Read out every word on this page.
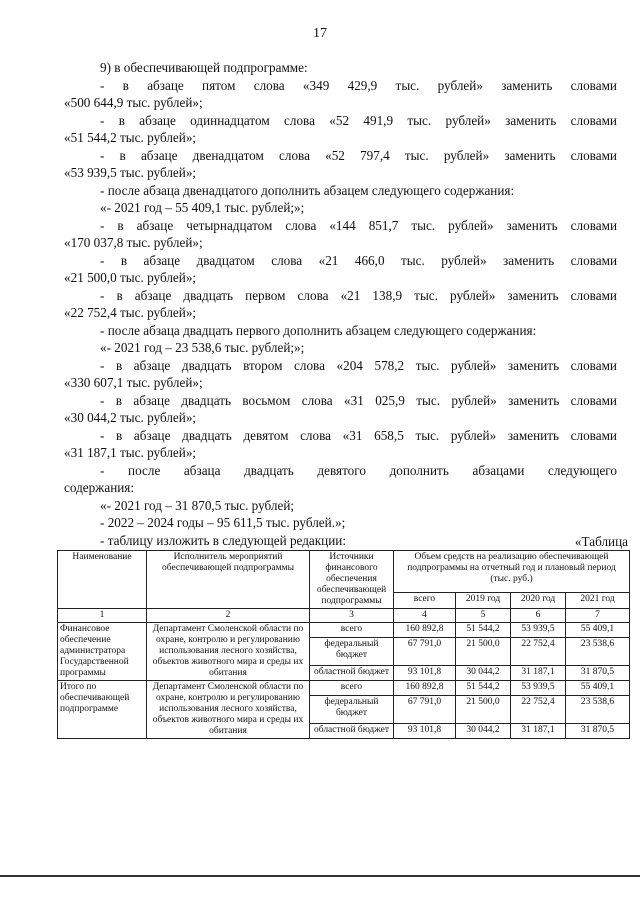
17
9) в обеспечивающей подпрограмме:
- в абзаце пятом слова «349 429,9 тыс. рублей» заменить словами
«500 644,9 тыс. рублей»;
- в абзаце одиннадцатом слова «52 491,9 тыс. рублей» заменить словами
«51 544,2 тыс. рублей»;
- в абзаце двенадцатом слова «52 797,4 тыс. рублей» заменить словами
«53 939,5 тыс. рублей»;
- после абзаца двенадцатого дополнить абзацем следующего содержания:
«- 2021 год – 55 409,1 тыс. рублей;»;
- в абзаце четырнадцатом слова «144 851,7 тыс. рублей» заменить словами
«170 037,8 тыс. рублей»;
- в абзаце двадцатом слова «21 466,0 тыс. рублей» заменить словами
«21 500,0 тыс. рублей»;
- в абзаце двадцать первом слова «21 138,9 тыс. рублей» заменить словами
«22 752,4 тыс. рублей»;
- после абзаца двадцать первого дополнить абзацем следующего содержания:
«- 2021 год – 23 538,6 тыс. рублей;»;
- в абзаце двадцать втором слова «204 578,2 тыс. рублей» заменить словами
«330 607,1 тыс. рублей»;
- в абзаце двадцать восьмом слова «31 025,9 тыс. рублей» заменить словами
«30 044,2 тыс. рублей»;
- в абзаце двадцать девятом слова «31 658,5 тыс. рублей» заменить словами
«31 187,1 тыс. рублей»;
- после абзаца двадцать девятого дополнить абзацами следующего
содержания:
«- 2021 год – 31 870,5 тыс. рублей;
- 2022 – 2024 годы – 95 611,5 тыс. рублей.»;
- таблицу изложить в следующей редакции:	«Таблица
Наименование	Исполнитель мероприятий обеспечивающей подпрограммы	Источники финансового обеспечения обеспечивающей подпрограммы	Объем средств на реализацию обеспечивающей подпрограммы на отчетный год и плановый период (тыс. руб.)			
			всего	2019 год	2020 год	2021 год
1	2	3	4	5	6	7
Финансовое обеспечение администратора Государственной программы	Департамент Смоленской области по охране, контролю и регулированию использования лесного хозяйства, объектов животного мира и среды их обитания	всего	160 892,8	51 544,2	53 939,5	55 409,1
		федеральный бюджет	67 791,0	21 500,0	22 752,4	23 538,6
		областной бюджет	93 101,8	30 044,2	31 187,1	31 870,5
Итого по обеспечивающей подпрограмме	Департамент Смоленской области по охране, контролю и регулированию использования лесного хозяйства, объектов животного мира и среды их обитания	всего	160 892,8	51 544,2	53 939,5	55 409,1
		федеральный бюджет	67 791,0	21 500,0	22 752,4	23 538,6
		областной бюджет	93 101,8	30 044,2	31 187,1	31 870,5
